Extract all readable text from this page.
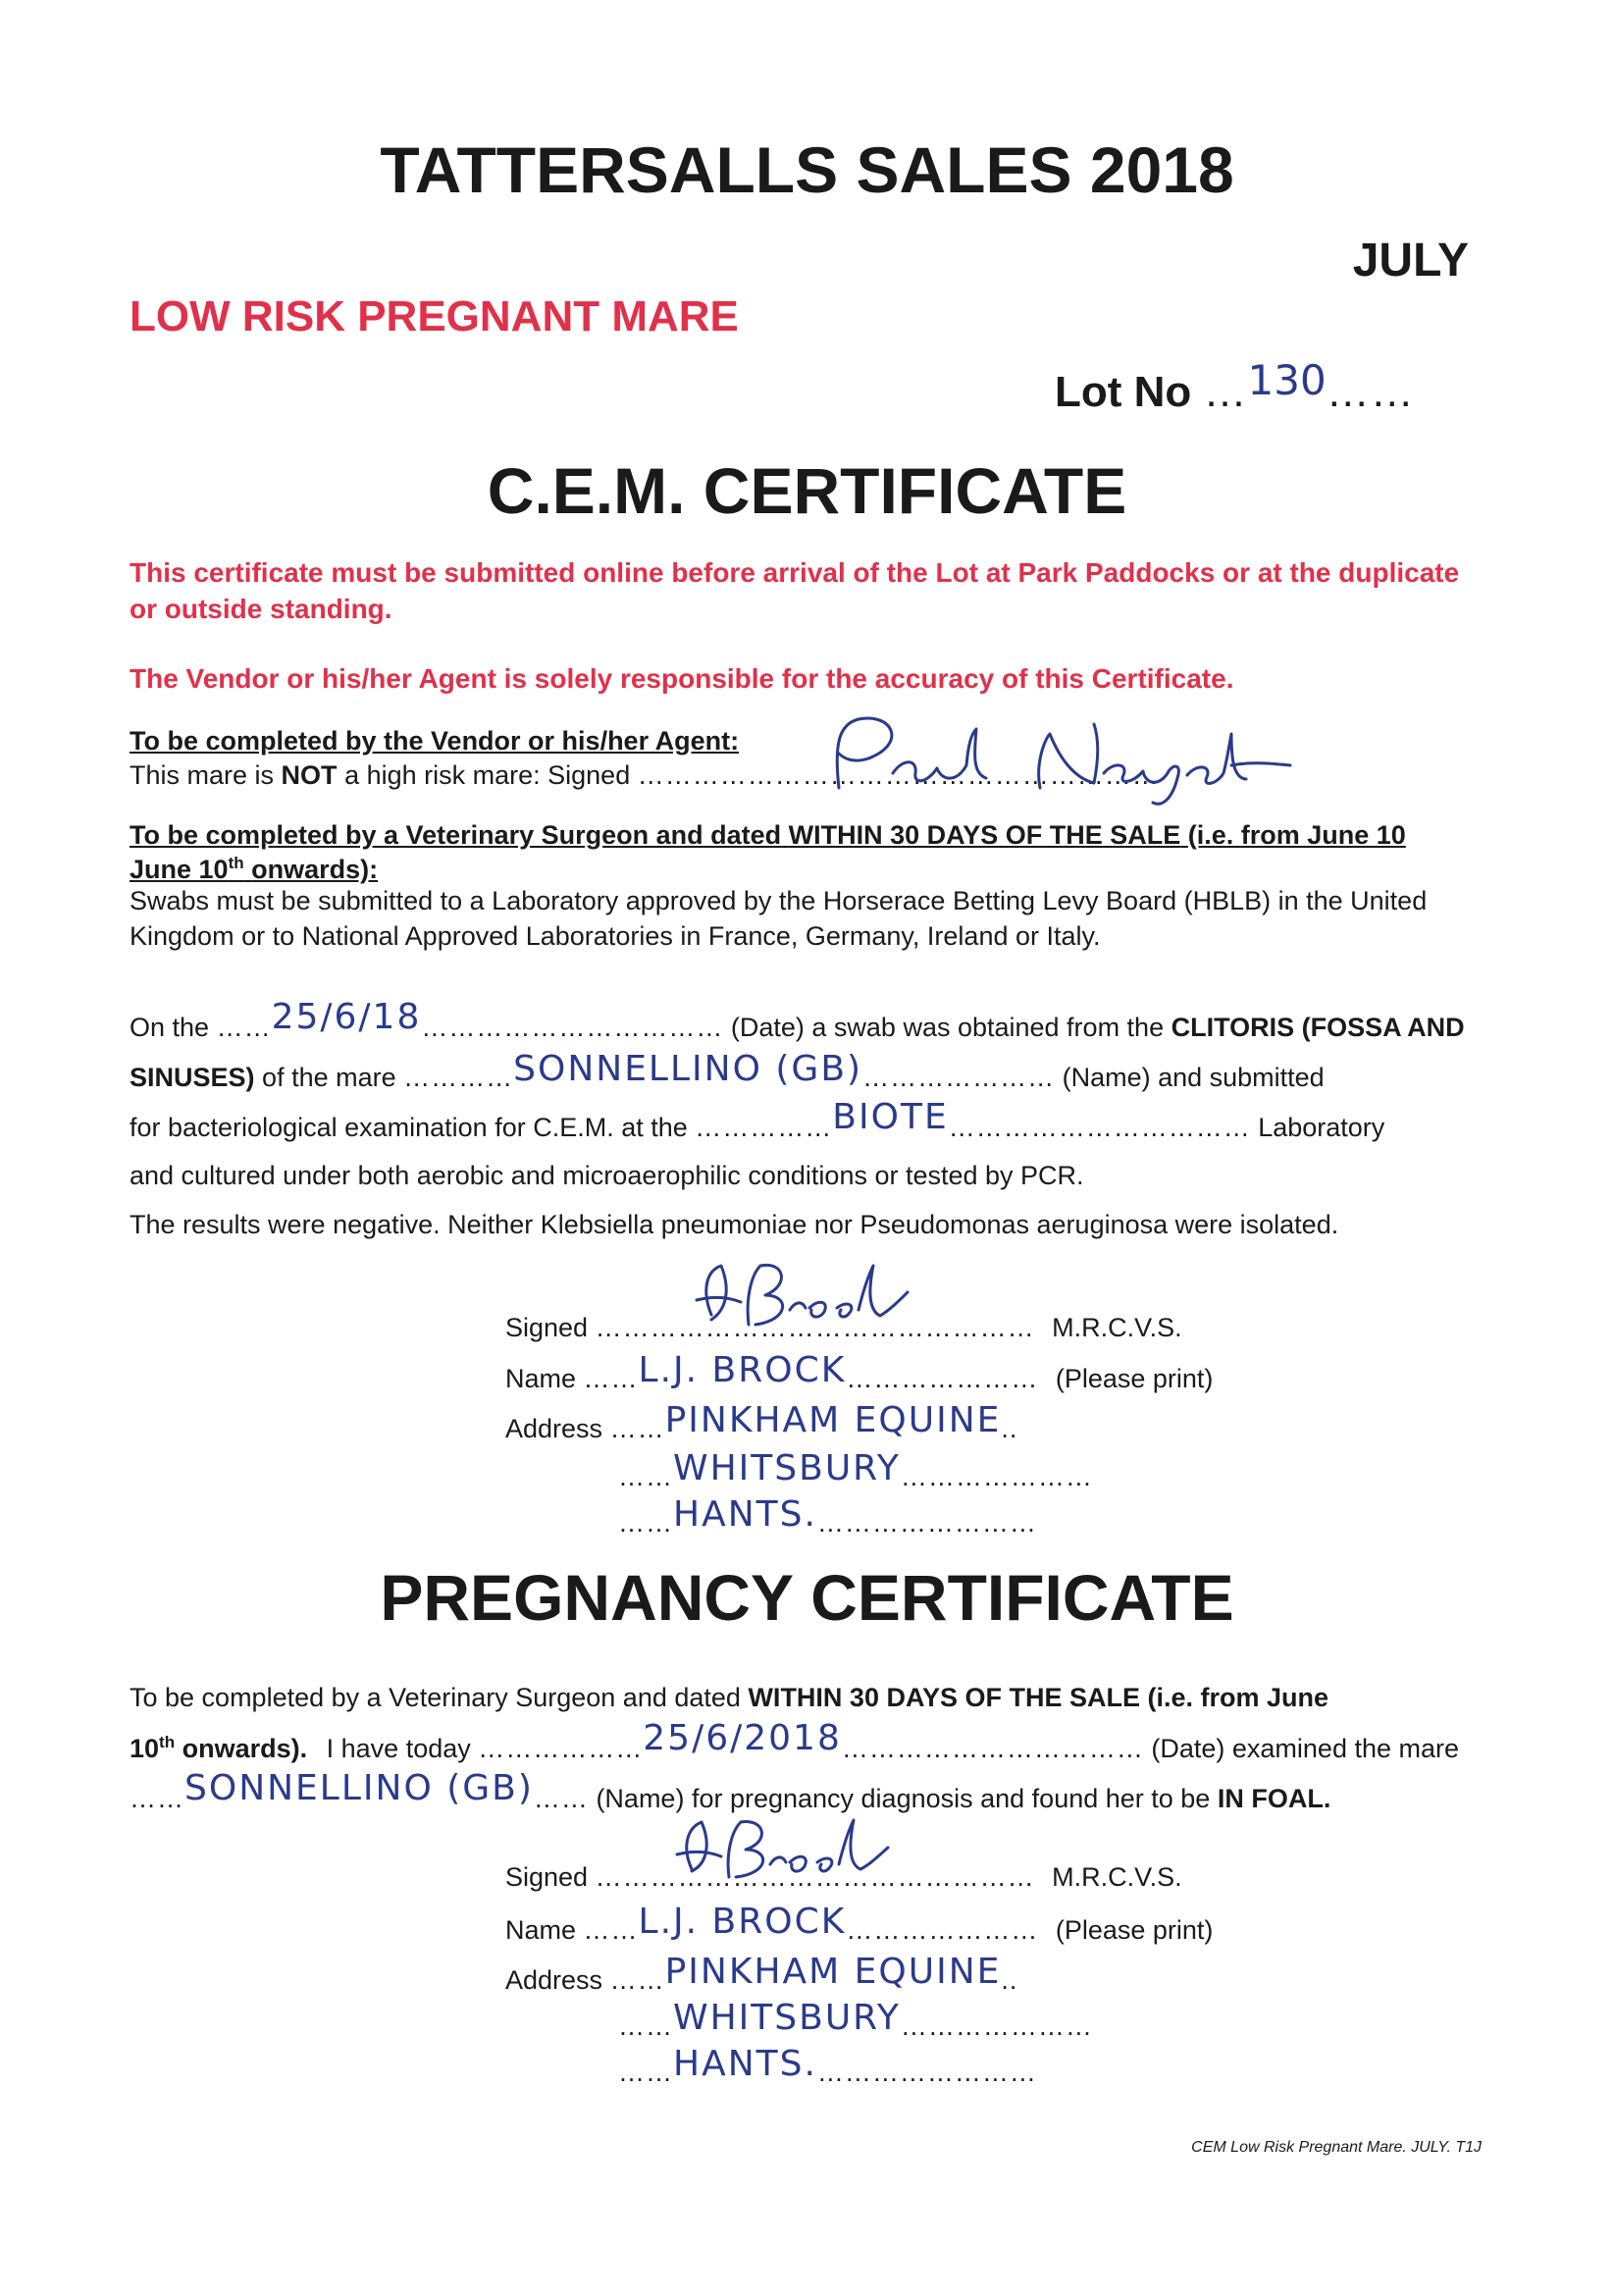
TATTERSALLS SALES 2018
JULY
LOW RISK PREGNANT MARE
Lot No …130……
C.E.M. CERTIFICATE
This certificate must be submitted online before arrival of the Lot at Park Paddocks or at the duplicate or outside standing.
The Vendor or his/her Agent is solely responsible for the accuracy of this Certificate.
To be completed by the Vendor or his/her Agent:
This mare is NOT a high risk mare: Signed …………………………………………………
To be completed by a Veterinary Surgeon and dated WITHIN 30 DAYS OF THE SALE (i.e. from June 10
June 10th onwards):
Swabs must be submitted to a Laboratory approved by the Horserace Betting Levy Board (HBLB) in the United Kingdom or to National Approved Laboratories in France, Germany, Ireland or Italy.
On the ……25/6/18…………………………… (Date) a swab was obtained from the CLITORIS (FOSSA AND
SINUSES) of the mare …………SONNELLINO (GB)………………… (Name) and submitted
for bacteriological examination for C.E.M. at the ……………BIOTE…………………………… Laboratory
and cultured under both aerobic and microaerophilic conditions or tested by PCR.
The results were negative. Neither Klebsiella pneumoniae nor Pseudomonas aeruginosa were isolated.
Signed ………………………………………… M.R.C.V.S.
Name ……L.J. BROCK………………… (Please print)
Address ……PINKHAM EQUINE..
……WHITSBURY…………………
……HANTS.……………………
PREGNANCY CERTIFICATE
To be completed by a Veterinary Surgeon and dated WITHIN 30 DAYS OF THE SALE (i.e. from June
10th onwards). I have today ………………25/6/2018…………………………… (Date) examined the mare
……SONNELLINO (GB)…… (Name) for pregnancy diagnosis and found her to be IN FOAL.
Signed ………………………………………… M.R.C.V.S.
Name ……L.J. BROCK………………… (Please print)
Address ……PINKHAM EQUINE..
……WHITSBURY…………………
……HANTS.……………………
CEM Low Risk Pregnant Mare. JULY. T1J
